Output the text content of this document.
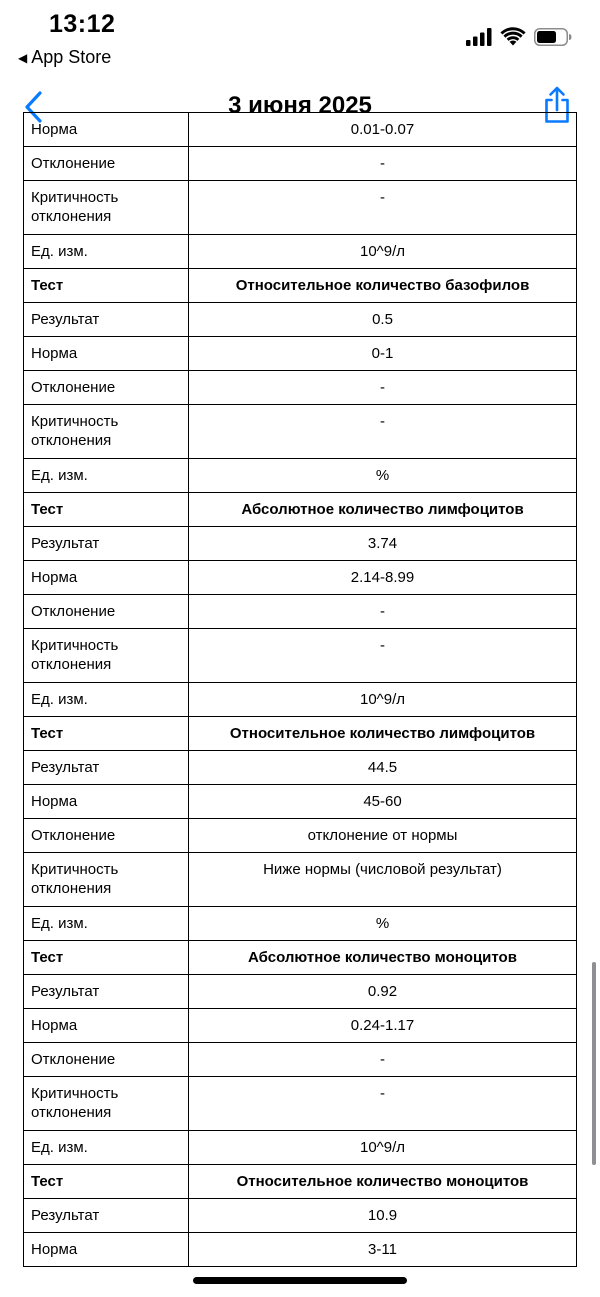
13:12
◀ App Store
3 июня 2025
Норма	0.01-0.07
Отклонение	-
Критичность отклонения	-
Ед. изм.	10^9/л
Тест	Относительное количество базофилов
Результат	0.5
Норма	0-1
Отклонение	-
Критичность отклонения	-
Ед. изм.	%
Тест	Абсолютное количество лимфоцитов
Результат	3.74
Норма	2.14-8.99
Отклонение	-
Критичность отклонения	-
Ед. изм.	10^9/л
Тест	Относительное количество лимфоцитов
Результат	44.5
Норма	45-60
Отклонение	отклонение от нормы
Критичность отклонения	Ниже нормы (числовой результат)
Ед. изм.	%
Тест	Абсолютное количество моноцитов
Результат	0.92
Норма	0.24-1.17
Отклонение	-
Критичность отклонения	-
Ед. изм.	10^9/л
Тест	Относительное количество моноцитов
Результат	10.9
Норма	3-11
